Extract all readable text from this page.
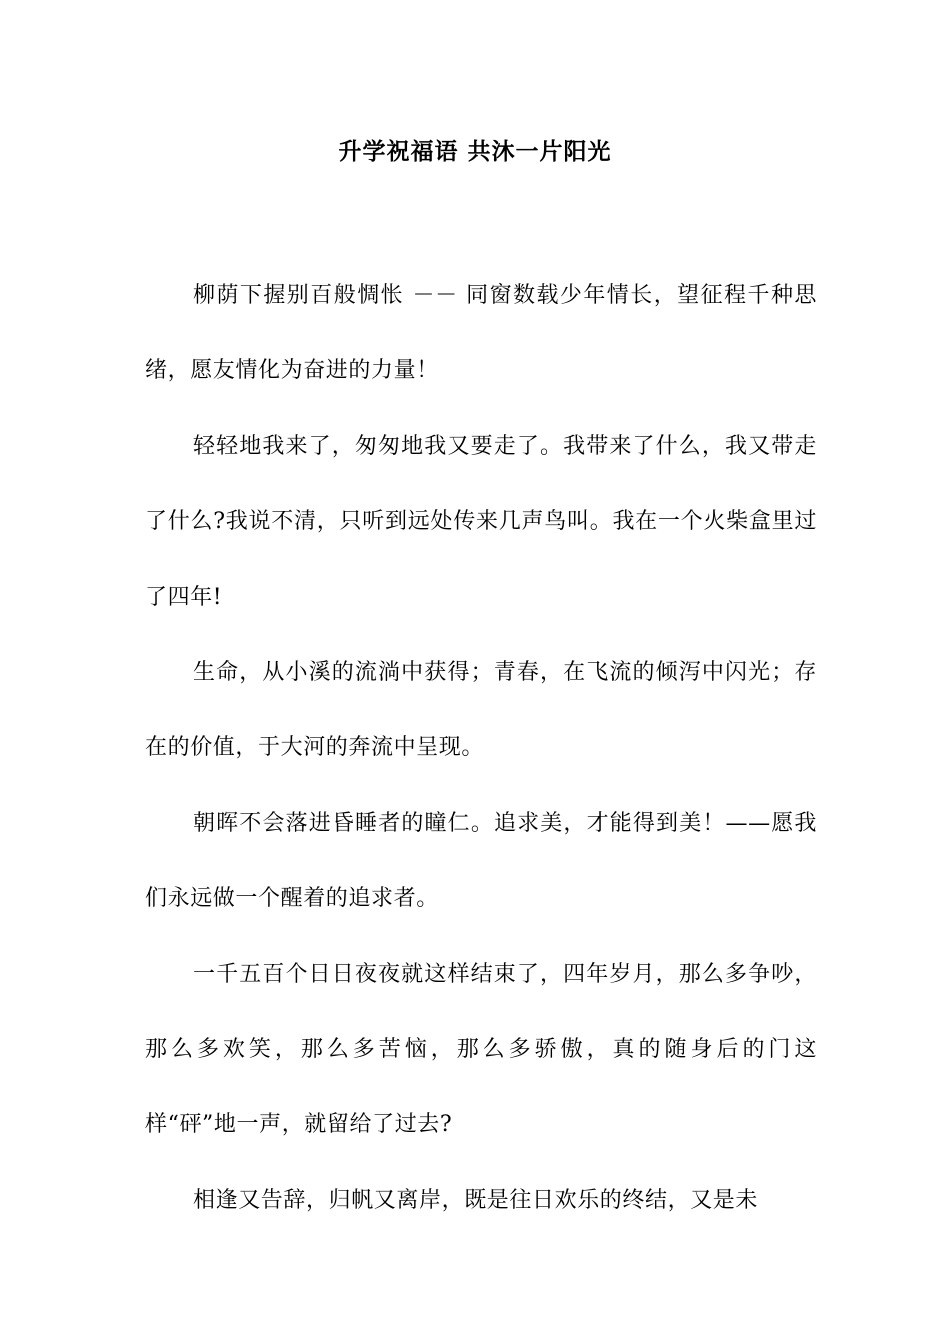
升学祝福语 共沐一片阳光

柳荫下握别百般惆怅 －－ 同窗数载少年情长，望征程千种思绪，愿友情化为奋进的力量！

轻轻地我来了，匆匆地我又要走了。我带来了什么，我又带走了什么?我说不清，只听到远处传来几声鸟叫。我在一个火柴盒里过了四年!

生命，从小溪的流淌中获得；青春，在飞流的倾泻中闪光；存在的价值，于大河的奔流中呈现。

朝晖不会落进昏睡者的瞳仁。追求美，才能得到美！——愿我们永远做一个醒着的追求者。

一千五百个日日夜夜就这样结束了，四年岁月，那么多争吵，那么多欢笑，那么多苦恼，那么多骄傲，真的随身后的门这样“砰”地一声，就留给了过去?

相逢又告辞，归帆又离岸，既是往日欢乐的终结，又是未
